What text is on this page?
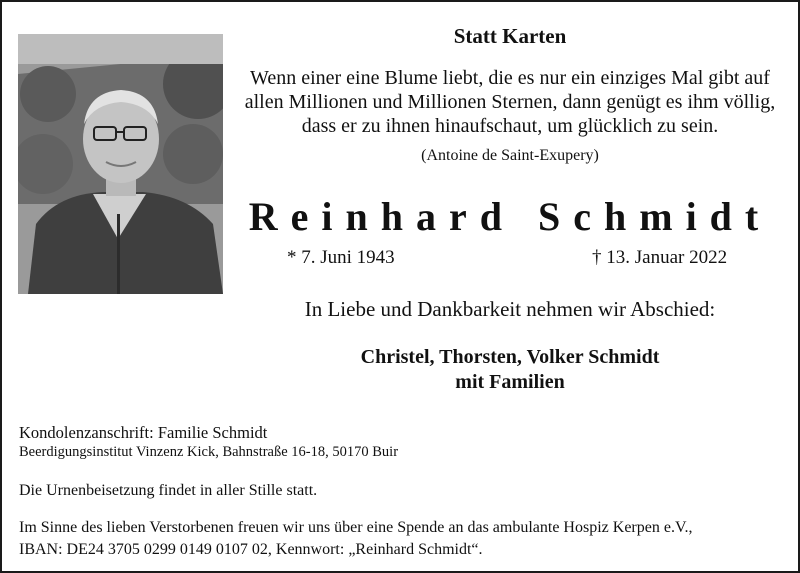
Statt Karten
Wenn einer eine Blume liebt, die es nur ein einziges Mal gibt auf
allen Millionen und Millionen Sternen, dann genügt es ihm völlig,
dass er zu ihnen hinaufschaut, um glücklich zu sein.
(Antoine de Saint-Exupery)
Reinhard Schmidt
* 7. Juni 1943	† 13. Januar 2022
In Liebe und Dankbarkeit nehmen wir Abschied:
Christel, Thorsten, Volker Schmidt
mit Familien
Kondolenzanschrift: Familie Schmidt
Beerdigungsinstitut Vinzenz Kick, Bahnstraße 16-18, 50170 Buir
Die Urnenbeisetzung findet in aller Stille statt.
Im Sinne des lieben Verstorbenen freuen wir uns über eine Spende an das ambulante Hospiz Kerpen e.V.,
IBAN: DE24 3705 0299 0149 0107 02, Kennwort: „Reinhard Schmidt“.
